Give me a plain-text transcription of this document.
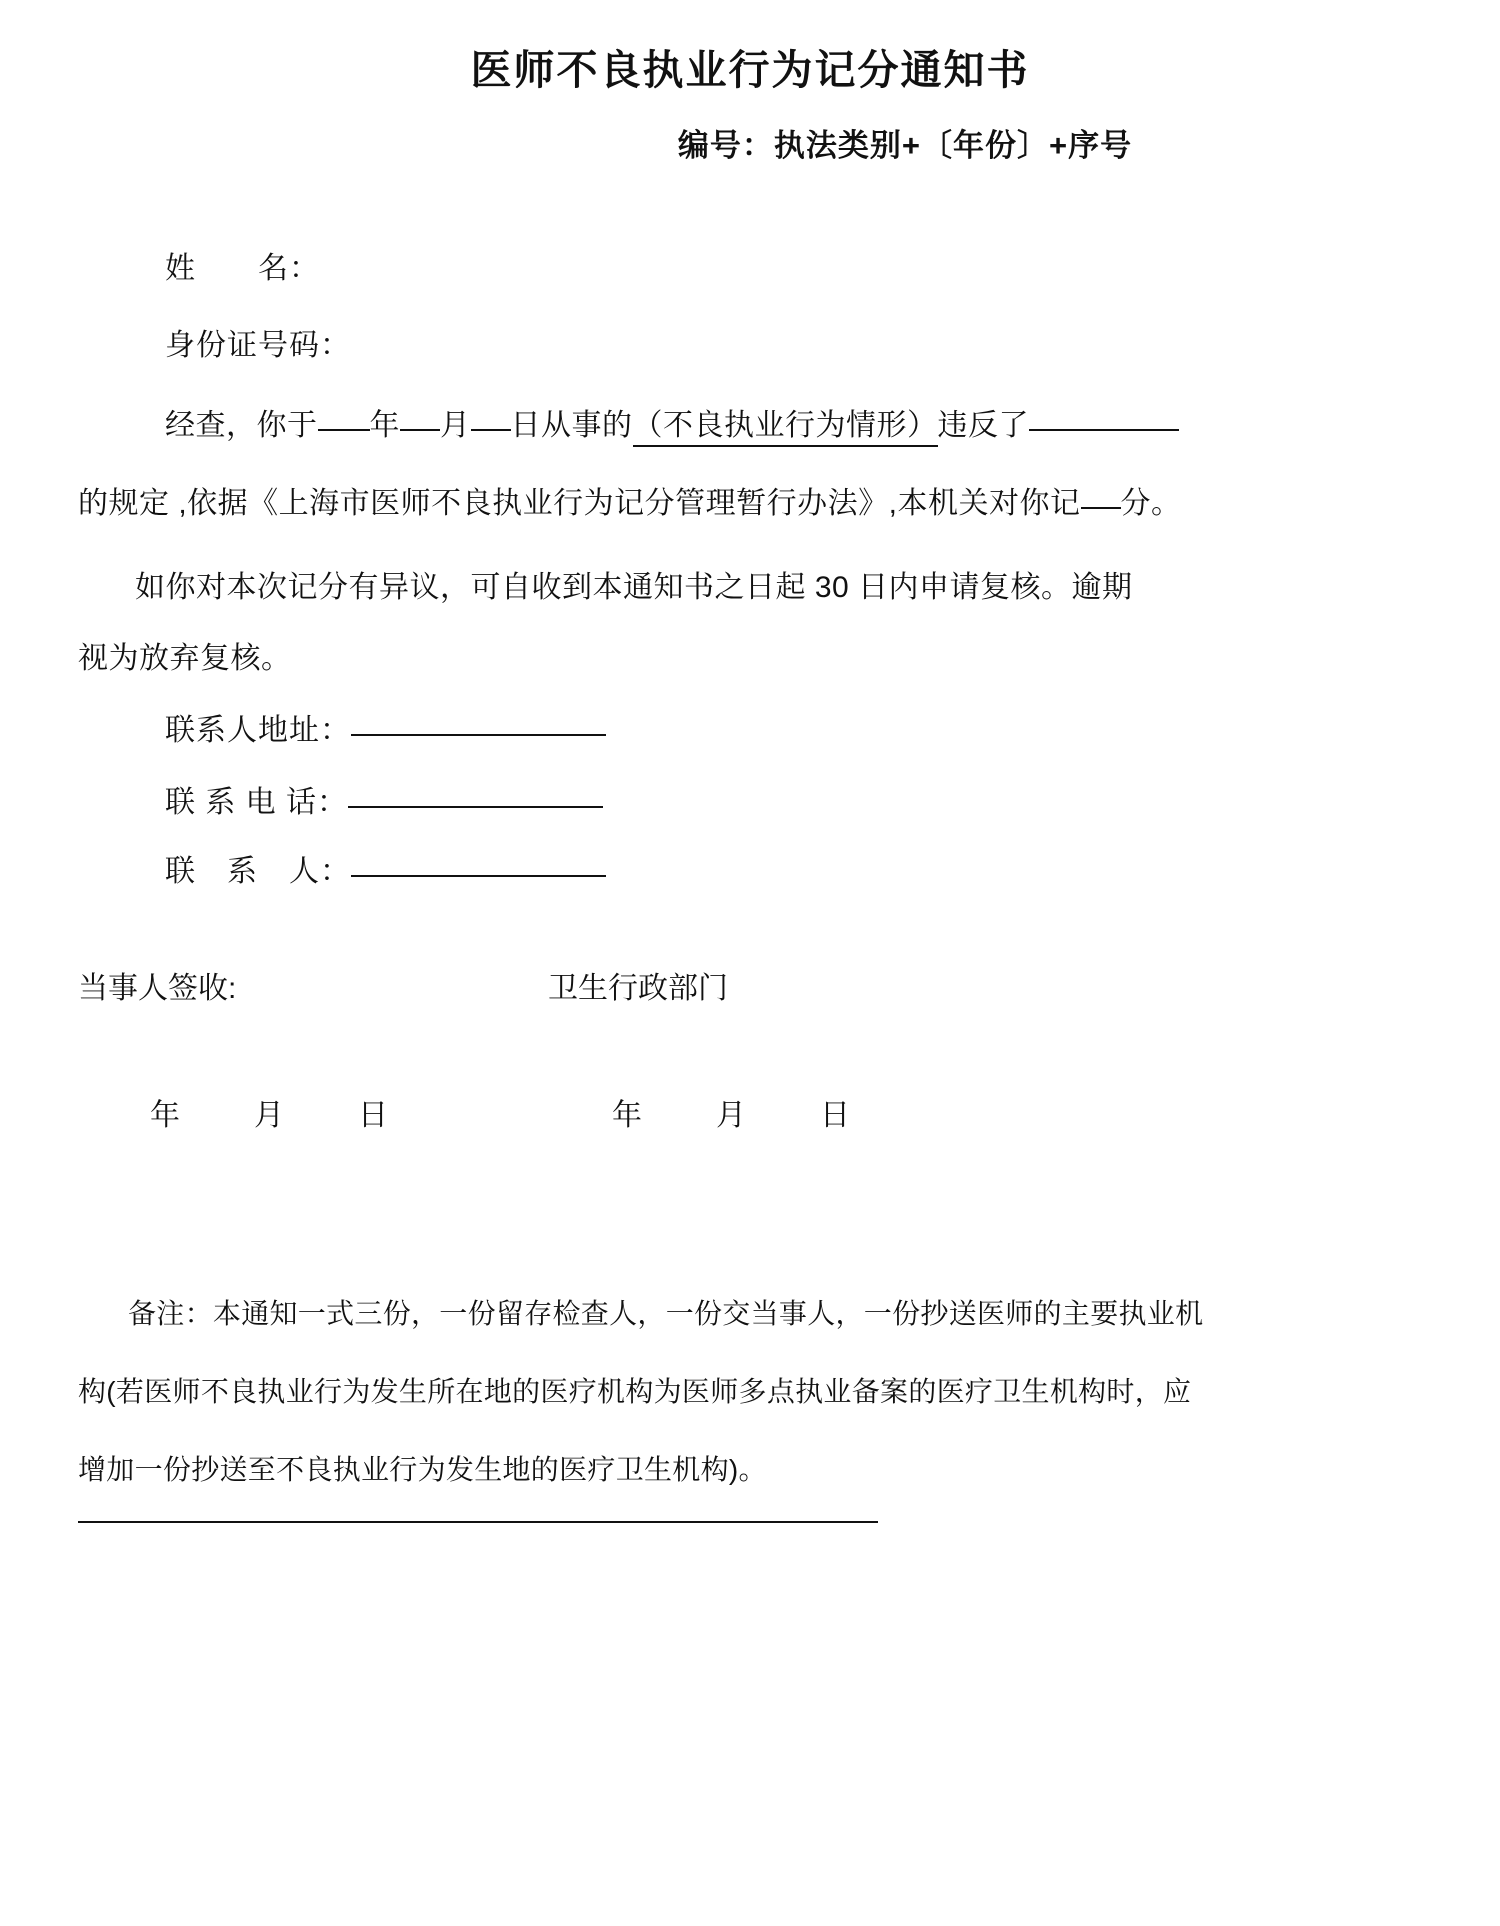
医师不良执业行为记分通知书
编号：执法类别+〔年份〕+序号
姓　　名：
身份证号码：
经查，你于 年 月 日从事的（不良执业行为情形）违反了
的规定 ,依据《上海市医师不良执业行为记分管理暂行办法》,本机关对你记 分。
如你对本次记分有异议，可自收到本通知书之日起 30 日内申请复核。逾期
视为放弃复核。
联系人地址：
联 系 电 话：
联　系　人：
当事人签收:	卫生行政部门
年　月　日	年　月　日
备注：本通知一式三份，一份留存检查人，一份交当事人，一份抄送医师的主要执业机
构(若医师不良执业行为发生所在地的医疗机构为医师多点执业备案的医疗卫生机构时，应
增加一份抄送至不良执业行为发生地的医疗卫生机构)。
